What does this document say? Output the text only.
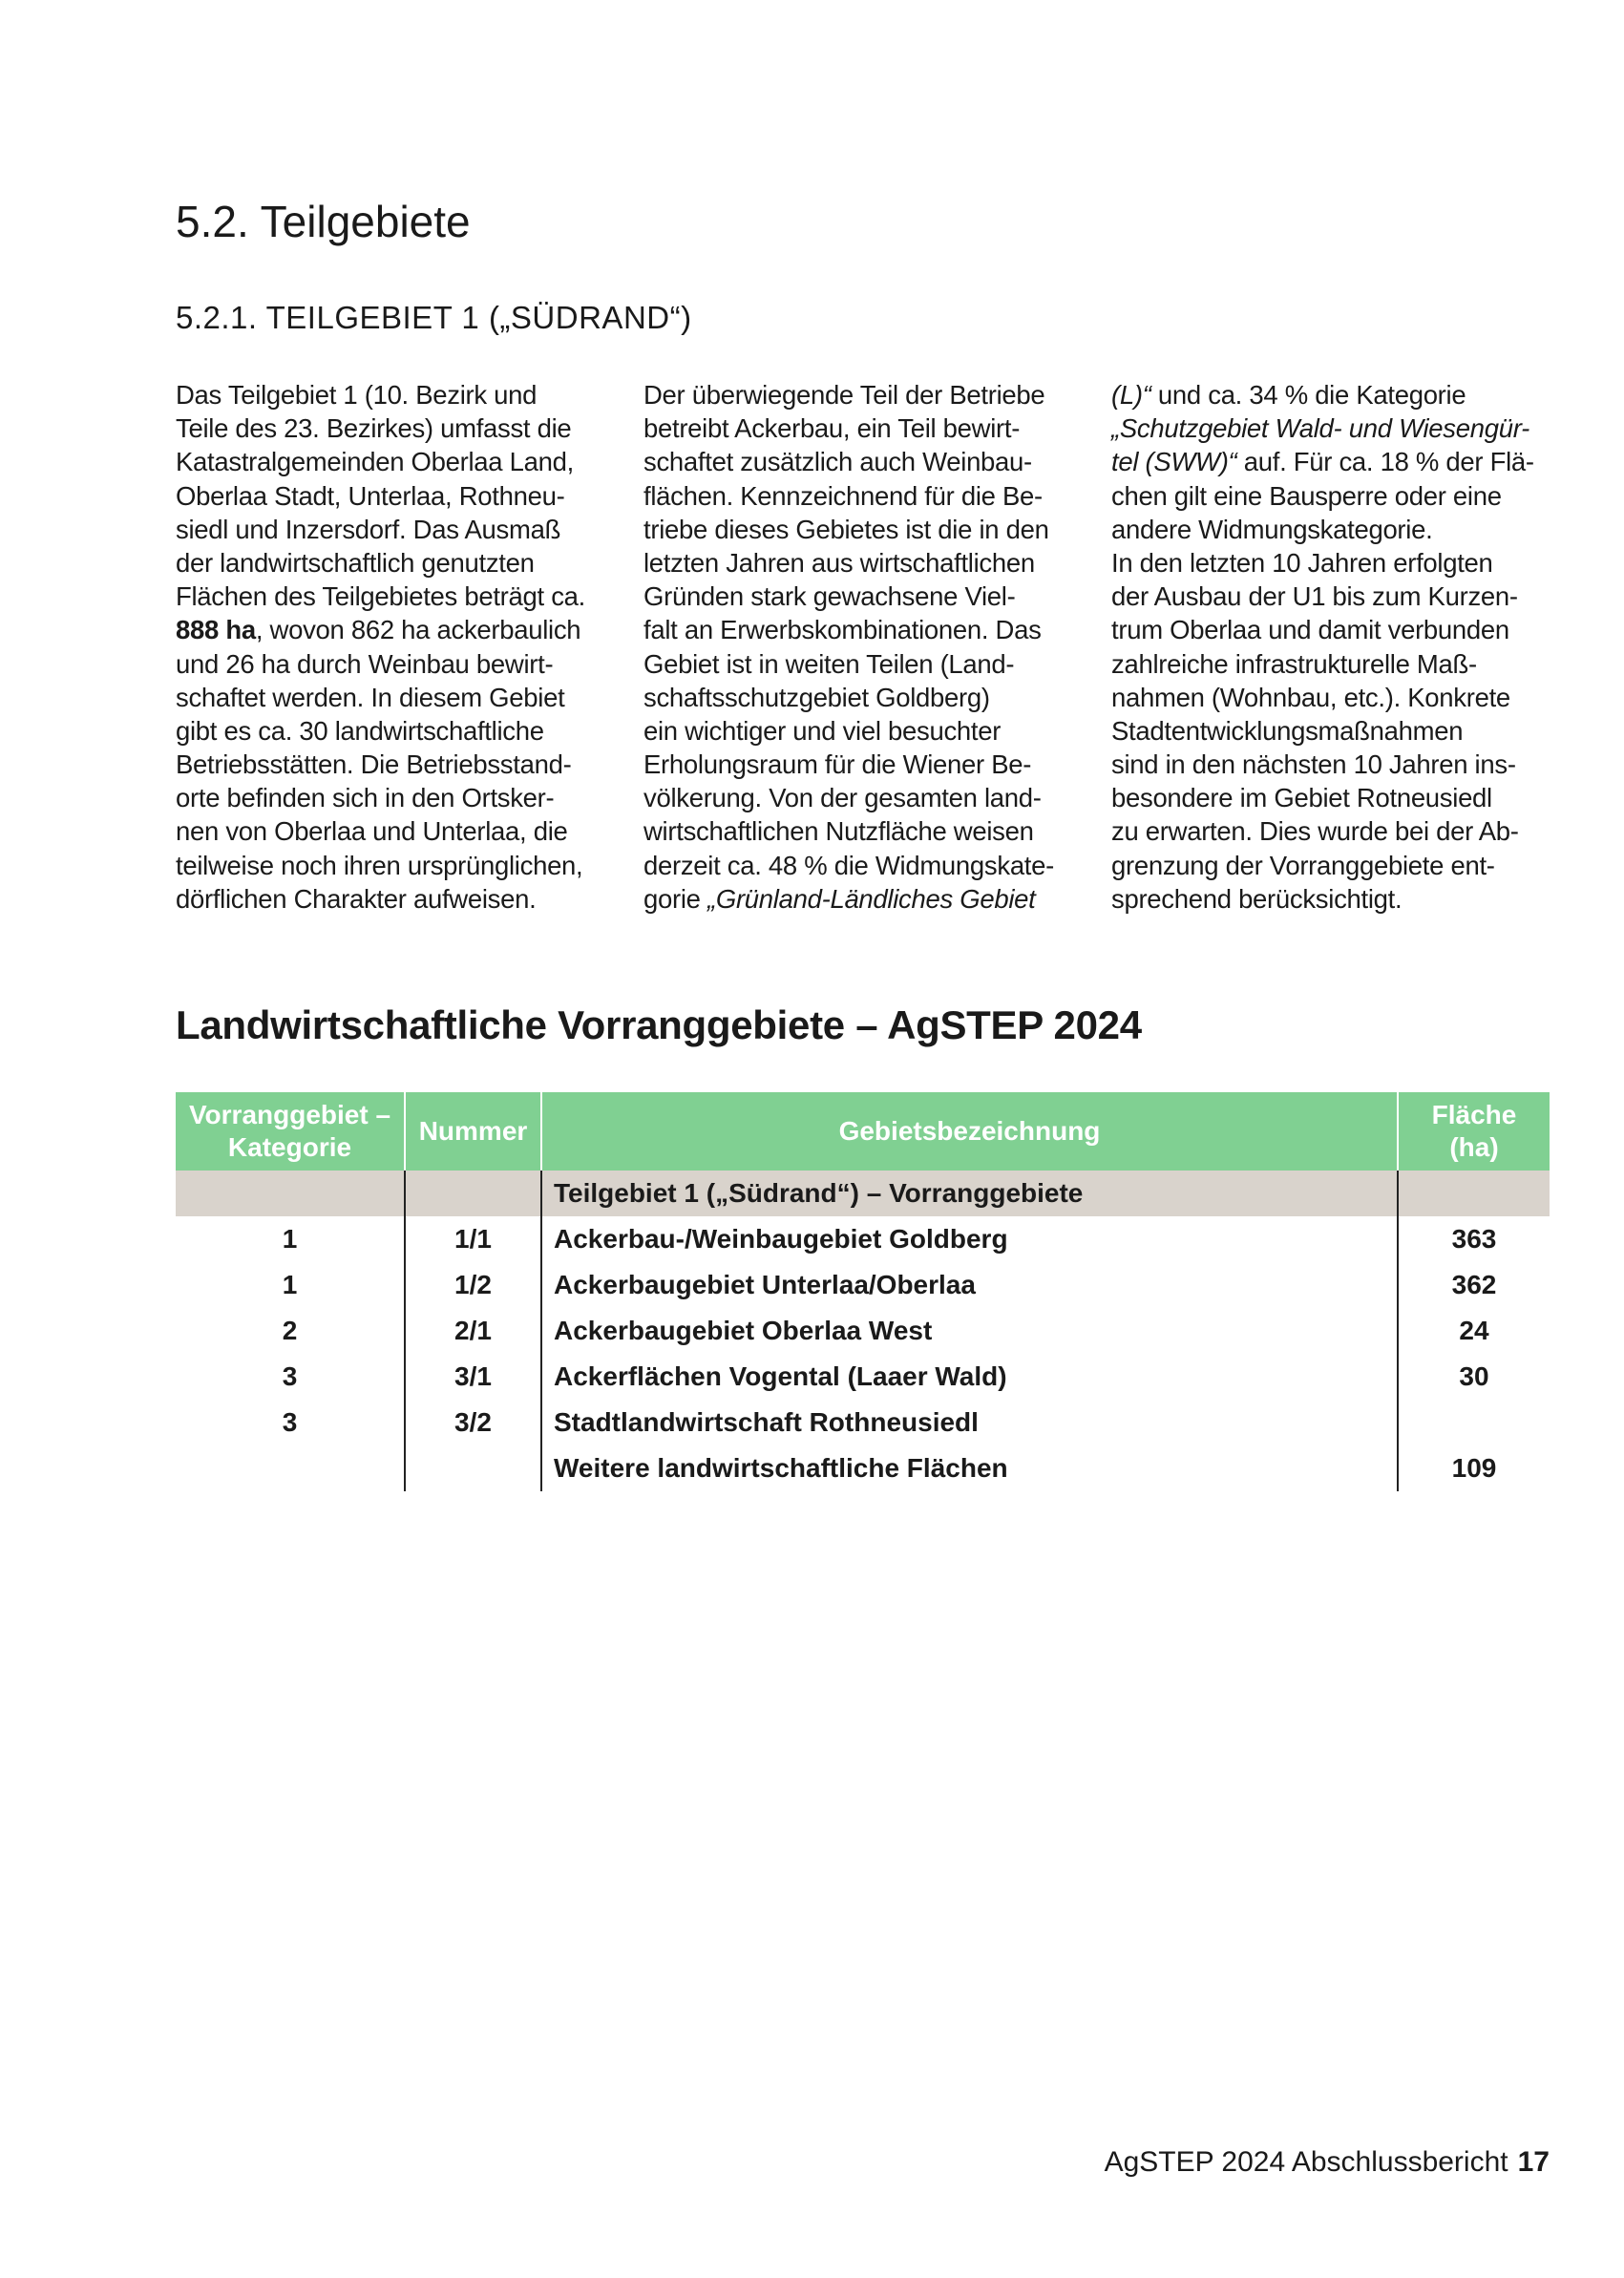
5.2. Teilgebiete
5.2.1. TEILGEBIET 1 („SÜDRAND“)
Das Teilgebiet 1 (10. Bezirk und
Teile des 23. Bezirkes) umfasst die
Katastralgemeinden Oberlaa Land,
Oberlaa Stadt, Unterlaa, Rothneu-
siedl und Inzersdorf. Das Ausmaß
der landwirtschaftlich genutzten
Flächen des Teilgebietes beträgt ca.
888 ha, wovon 862 ha ackerbaulich
und 26 ha durch Weinbau bewirt-
schaftet werden. In diesem Gebiet
gibt es ca. 30 landwirtschaftliche
Betriebsstätten. Die Betriebsstand-
orte befinden sich in den Ortsker-
nen von Oberlaa und Unterlaa, die
teilweise noch ihren ursprünglichen,
dörflichen Charakter aufweisen.
Der überwiegende Teil der Betriebe
betreibt Ackerbau, ein Teil bewirt-
schaftet zusätzlich auch Weinbau-
flächen. Kennzeichnend für die Be-
triebe dieses Gebietes ist die in den
letzten Jahren aus wirtschaftlichen
Gründen stark gewachsene Viel-
falt an Erwerbskombinationen. Das
Gebiet ist in weiten Teilen (Land-
schaftsschutzgebiet Goldberg)
ein wichtiger und viel besuchter
Erholungsraum für die Wiener Be-
völkerung. Von der gesamten land-
wirtschaftlichen Nutzfläche weisen
derzeit ca. 48 % die Widmungskate-
gorie „Grünland-Ländliches Gebiet
(L)“ und ca. 34 % die Kategorie
„Schutzgebiet Wald- und Wiesengür-
tel (SWW)“ auf. Für ca. 18 % der Flä-
chen gilt eine Bausperre oder eine
andere Widmungskategorie.
In den letzten 10 Jahren erfolgten
der Ausbau der U1 bis zum Kurzen-
trum Oberlaa und damit verbunden
zahlreiche infrastrukturelle Maß-
nahmen (Wohnbau, etc.). Konkrete
Stadtentwicklungsmaßnahmen
sind in den nächsten 10 Jahren ins-
besondere im Gebiet Rotneusiedl
zu erwarten. Dies wurde bei der Ab-
grenzung der Vorranggebiete ent-
sprechend berücksichtigt.
Landwirtschaftliche Vorranggebiete – AgSTEP 2024
Vorranggebiet –
Kategorie	Nummer	Gebietsbezeichnung	Fläche
(ha)
		Teilgebiet 1 („Südrand“) – Vorranggebiete	
1	1/1	Ackerbau-/Weinbaugebiet Goldberg	363
1	1/2	Ackerbaugebiet Unterlaa/Oberlaa	362
2	2/1	Ackerbaugebiet Oberlaa West	24
3	3/1	Ackerflächen Vogental (Laaer Wald)	30
3	3/2	Stadtlandwirtschaft Rothneusiedl	
		Weitere landwirtschaftliche Flächen	109
AgSTEP 2024 Abschlussbericht 17
